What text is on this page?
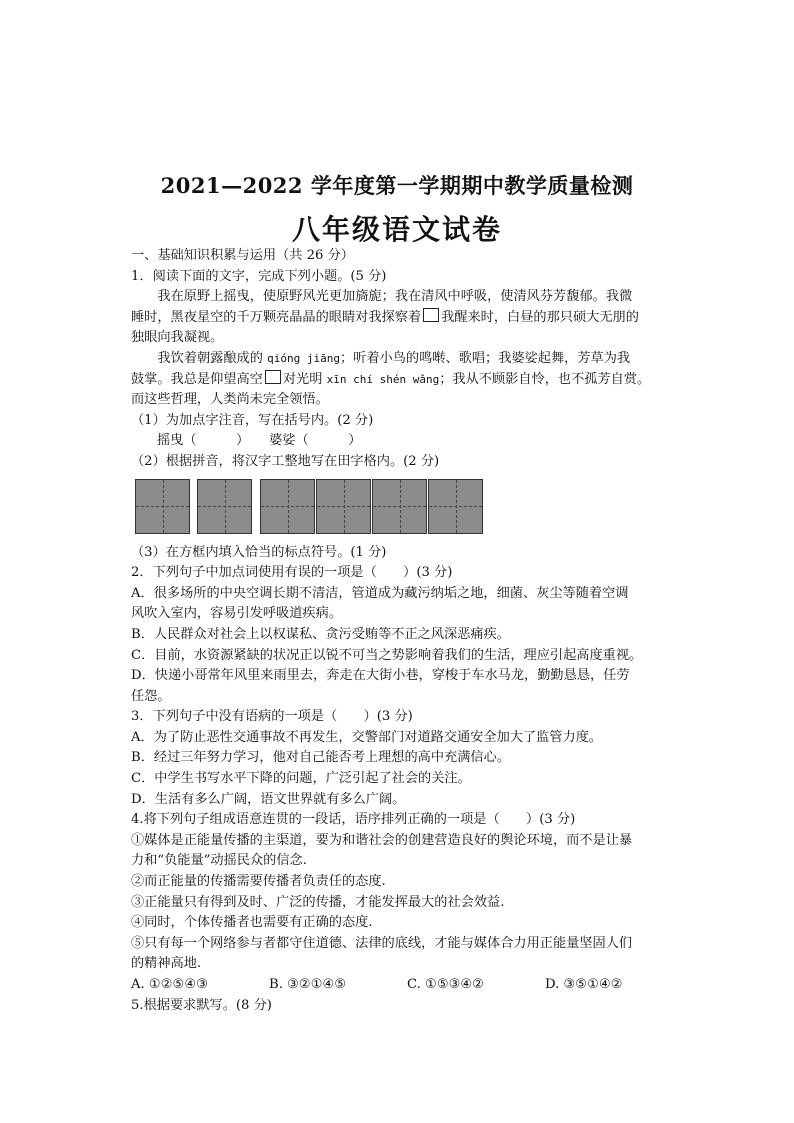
2021—2022 学年度第一学期期中教学质量检测
八年级语文试卷
一、基础知识积累与运用（共 26 分）
1．阅读下面的文字，完成下列小题。(5 分)
我在原野上摇曳，使原野风光更加旖旎；我在清风中呼吸，使清风芬芳馥郁。我微
睡时，黑夜星空的千万颗亮晶晶的眼睛对我探察着 我醒来时，白昼的那只硕大无朋的
独眼向我凝视。
我饮着朝露酿成的 qióng jiāng；听着小鸟的鸣啭、歌唱；我婆娑起舞，芳草为我
鼓掌。我总是仰望高空 对光明 xīn chí shén wǎng；我从不顾影自怜，也不孤芳自赏。
而这些哲理，人类尚未完全领悟。
（1）为加点字注音，写在括号内。(2 分)
摇曳（　　　）　　婆娑（　　　）
（2）根据拼音，将汉字工整地写在田字格内。(2 分)
（3）在方框内填入恰当的标点符号。(1 分)
2．下列句子中加点词使用有误的一项是（　　）(3 分)
A．很多场所的中央空调长期不清洁，管道成为藏污纳垢之地，细菌、灰尘等随着空调
风吹入室内，容易引发呼吸道疾病。
B．人民群众对社会上以权谋私、贪污受贿等不正之风深恶痛疾。
C．目前，水资源紧缺的状况正以锐不可当之势影响着我们的生活，理应引起高度重视。
D．快递小哥常年风里来雨里去，奔走在大街小巷，穿梭于车水马龙，勤勤恳恳，任劳
任怨。
3．下列句子中没有语病的一项是（　　）(3 分)
A．为了防止恶性交通事故不再发生，交警部门对道路交通安全加大了监管力度。
B．经过三年努力学习，他对自己能否考上理想的高中充满信心。
C．中学生书写水平下降的问题，广泛引起了社会的关注。
D．生活有多么广阔，语文世界就有多么广阔。
4.将下列句子组成语意连贯的一段话，语序排列正确的一项是（　　）(3 分)
①媒体是正能量传播的主渠道，要为和谐社会的创建营造良好的舆论环境，而不是让暴
力和“负能量”动摇民众的信念.
②而正能量的传播需要传播者负责任的态度.
③正能量只有得到及时、广泛的传播，才能发挥最大的社会效益.
④同时，个体传播者也需要有正确的态度.
⑤只有每一个网络参与者都守住道德、法律的底线，才能与媒体合力用正能量坚固人们
的精神高地.
A. ①②⑤④③	B. ③②①④⑤	C. ①⑤③④②	D. ③⑤①④②
5.根据要求默写。(8 分)
